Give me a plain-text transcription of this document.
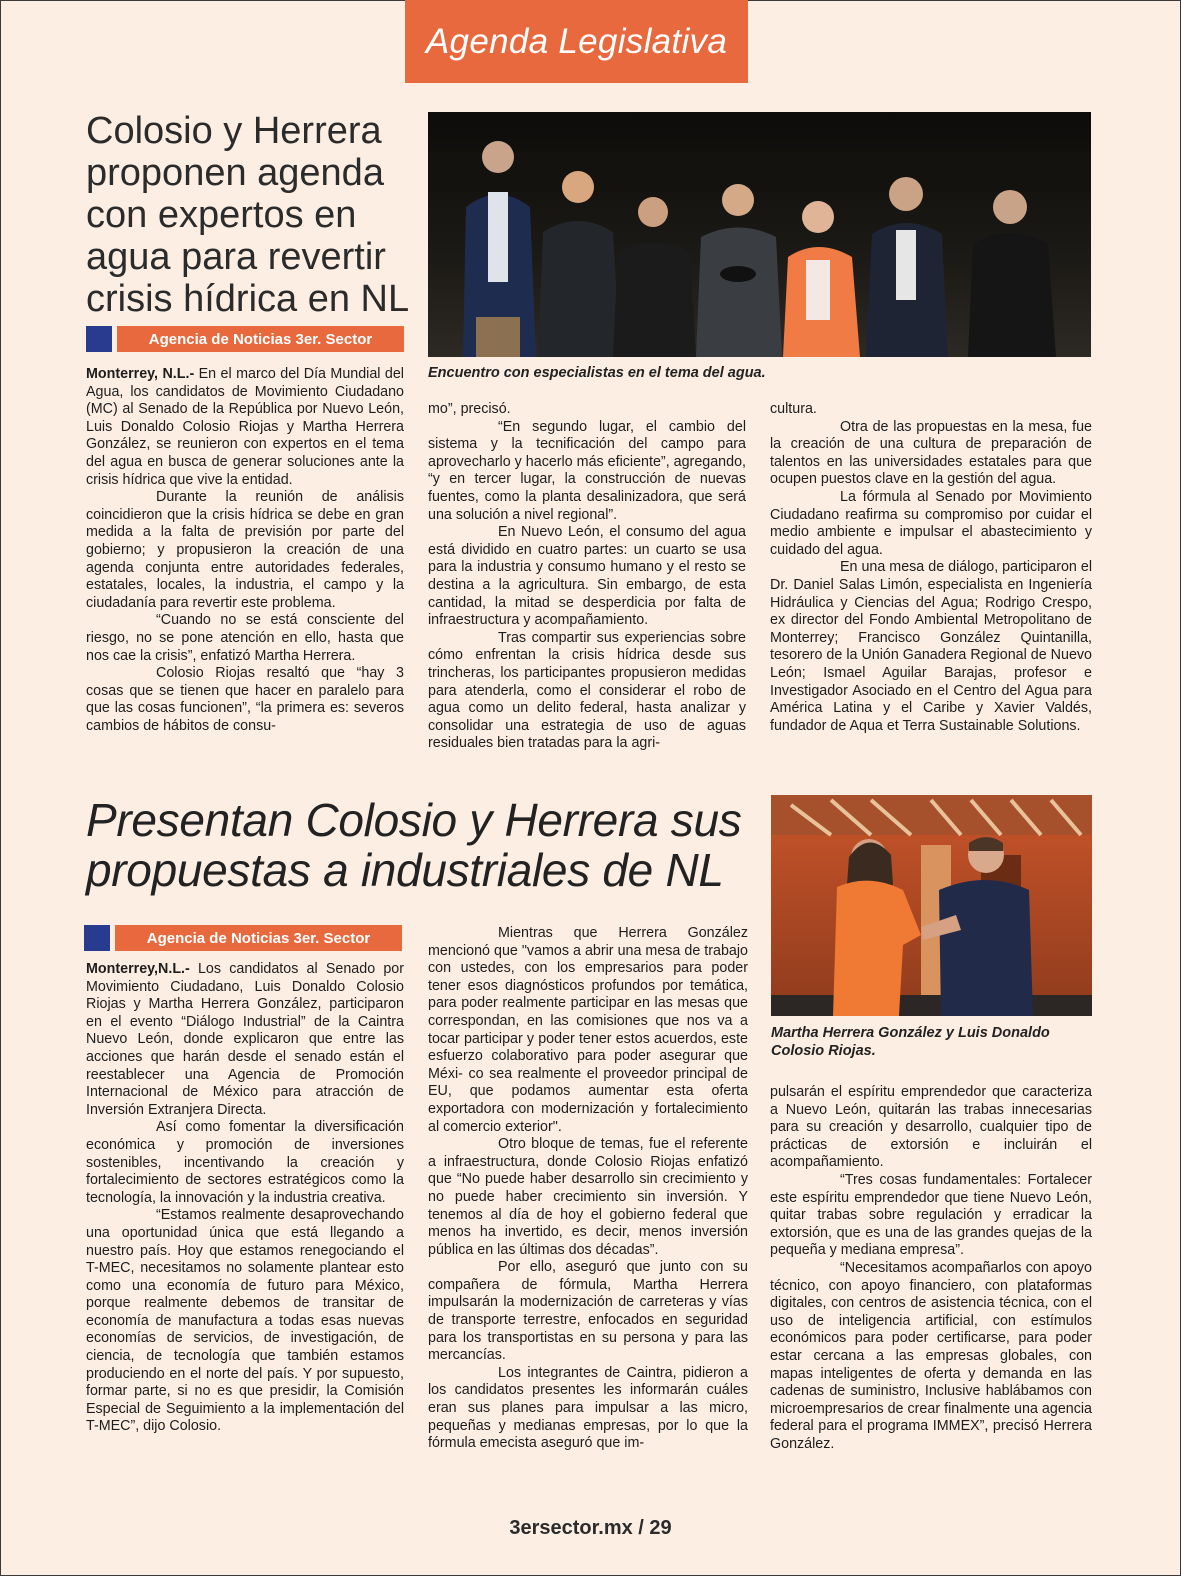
Agenda Legislativa
Colosio y Herrera proponen agenda con expertos en agua para revertir crisis hídrica en NL
Agencia de Noticias 3er. Sector
Encuentro con especialistas en el tema del agua.

Monterrey, N.L.- En el marco del Día Mundial del Agua, los candidatos de Movimiento Ciudadano (MC) al Senado de la República por Nuevo León, Luis Donaldo Colosio Riojas y Martha Herrera González, se reunieron con expertos en el tema del agua en busca de generar soluciones ante la crisis hídrica que vive la entidad.

Durante la reunión de análisis coincidieron que la crisis hídrica se debe en gran medida a la falta de previsión por parte del gobierno; y propusieron la creación de una agenda conjunta entre autoridades federales, estatales, locales, la industria, el campo y la ciudadanía para revertir este problema.

“Cuando no se está consciente del riesgo, no se pone atención en ello, hasta que nos cae la crisis”, enfatizó Martha Herrera.

Colosio Riojas resaltó que “hay 3 cosas que se tienen que hacer en paralelo para que las cosas funcionen”, “la primera es: severos cambios de hábitos de consu-

mo”, precisó.

“En segundo lugar, el cambio del sistema y la tecnificación del campo para aprovecharlo y hacerlo más eficiente”, agregando, “y en tercer lugar, la construcción de nuevas fuentes, como la planta desalinizadora, que será una solución a nivel regional”.

En Nuevo León, el consumo del agua está dividido en cuatro partes: un cuarto se usa para la industria y consumo humano y el resto se destina a la agricultura. Sin embargo, de esta cantidad, la mitad se desperdicia por falta de infraestructura y acompañamiento.

Tras compartir sus experiencias sobre cómo enfrentan la crisis hídrica desde sus trincheras, los participantes propusieron medidas para atenderla, como el considerar el robo de agua como un delito federal, hasta analizar y consolidar una estrategia de uso de aguas residuales bien tratadas para la agri-

cultura.

Otra de las propuestas en la mesa, fue la creación de una cultura de preparación de talentos en las universidades estatales para que ocupen puestos clave en la gestión del agua.

La fórmula al Senado por Movimiento Ciudadano reafirma su compromiso por cuidar el medio ambiente e impulsar el abastecimiento y cuidado del agua.

En una mesa de diálogo, participaron el Dr. Daniel Salas Limón, especialista en Ingeniería Hidráulica y Ciencias del Agua; Rodrigo Crespo, ex director del Fondo Ambiental Metropolitano de Monterrey; Francisco González Quintanilla, tesorero de la Unión Ganadera Regional de Nuevo León; Ismael Aguilar Barajas, profesor e Investigador Asociado en el Centro del Agua para América Latina y el Caribe y Xavier Valdés, fundador de Aqua et Terra Sustainable Solutions.

Presentan Colosio y Herrera sus propuestas a industriales de NL
Agencia de Noticias 3er. Sector
Martha Herrera González y Luis Donaldo Colosio Riojas.

Monterrey,N.L.- Los candidatos al Senado por Movimiento Ciudadano, Luis Donaldo Colosio Riojas y Martha Herrera González, participaron en el evento “Diálogo Industrial” de la Caintra Nuevo León, donde explicaron que entre las acciones que harán desde el senado están el reestablecer una Agencia de Promoción Internacional de México para atracción de Inversión Extranjera Directa.

Así como fomentar la diversificación económica y promoción de inversiones sostenibles, incentivando la creación y fortalecimiento de sectores estratégicos como la tecnología, la innovación y la industria creativa.

“Estamos realmente desaprovechando una oportunidad única que está llegando a nuestro país. Hoy que estamos renegociando el T-MEC, necesitamos no solamente plantear esto como una economía de futuro para México, porque realmente debemos de transitar de economía de manufactura a todas esas nuevas economías de servicios, de investigación, de ciencia, de tecnología que también estamos produciendo en el norte del país. Y por supuesto, formar parte, si no es que presidir, la Comisión Especial de Seguimiento a la implementación del T-MEC”, dijo Colosio.

Mientras que Herrera González mencionó que "vamos a abrir una mesa de trabajo con ustedes, con los empresarios para poder tener esos diagnósticos profundos por temática, para poder realmente participar en las mesas que correspondan, en las comisiones que nos va a tocar participar y poder tener estos acuerdos, este esfuerzo colaborativo para poder asegurar que Méxi- co sea realmente el proveedor principal de EU, que podamos aumentar esta oferta exportadora con modernización y fortalecimiento al comercio exterior".

Otro bloque de temas, fue el referente a infraestructura, donde Colosio Riojas enfatizó que “No puede haber desarrollo sin crecimiento y no puede haber crecimiento sin inversión. Y tenemos al día de hoy el gobierno federal que menos ha invertido, es decir, menos inversión pública en las últimas dos décadas”.

Por ello, aseguró que junto con su compañera de fórmula, Martha Herrera impulsarán la modernización de carreteras y vías de transporte terrestre, enfocados en seguridad para los transportistas en su persona y para las mercancías.

Los integrantes de Caintra, pidieron a los candidatos presentes les informarán cuáles eran sus planes para impulsar a las micro, pequeñas y medianas empresas, por lo que la fórmula emecista aseguró que im-

pulsarán el espíritu emprendedor que caracteriza a Nuevo León, quitarán las trabas innecesarias para su creación y desarrollo, cualquier tipo de prácticas de extorsión e incluirán el acompañamiento.

“Tres cosas fundamentales: Fortalecer este espíritu emprendedor que tiene Nuevo León, quitar trabas sobre regulación y erradicar la extorsión, que es una de las grandes quejas de la pequeña y mediana empresa”.

“Necesitamos acompañarlos con apoyo técnico, con apoyo financiero, con plataformas digitales, con centros de asistencia técnica, con el uso de inteligencia artificial, con estímulos económicos para poder certificarse, para poder estar cercana a las empresas globales, con mapas inteligentes de oferta y demanda en las cadenas de suministro, Inclusive hablábamos con microempresarios de crear finalmente una agencia federal para el programa IMMEX”, precisó Herrera González.

3ersector.mx / 29
